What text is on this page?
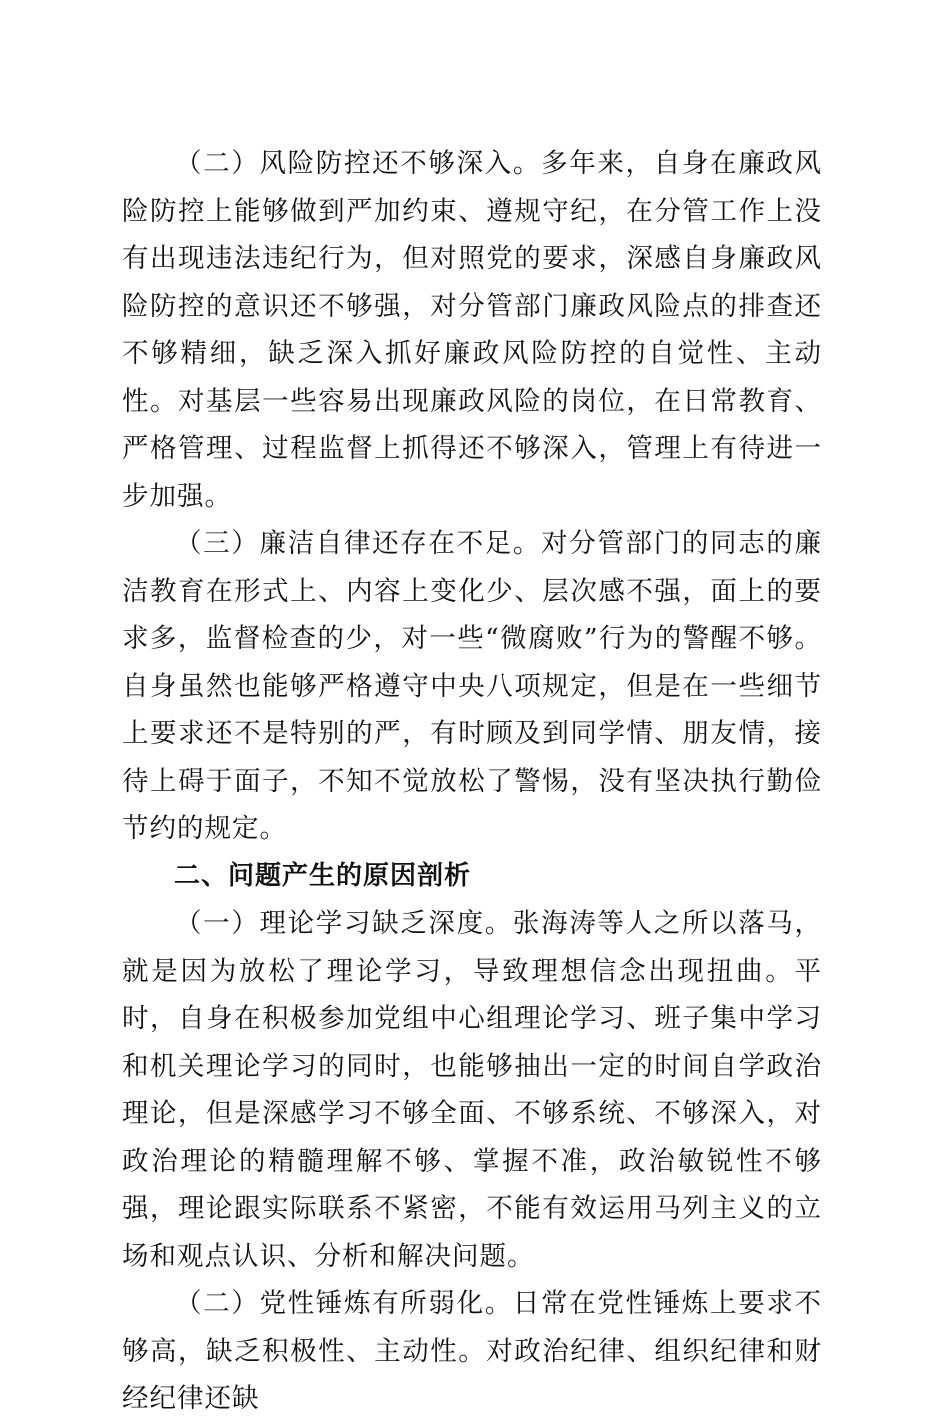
（二）风险防控还不够深入。多年来，自身在廉政风险防控上能够做到严加约束、遵规守纪，在分管工作上没有出现违法违纪行为，但对照党的要求，深感自身廉政风险防控的意识还不够强，对分管部门廉政风险点的排查还不够精细，缺乏深入抓好廉政风险防控的自觉性、主动性。对基层一些容易出现廉政风险的岗位，在日常教育、严格管理、过程监督上抓得还不够深入，管理上有待进一步加强。

（三）廉洁自律还存在不足。对分管部门的同志的廉洁教育在形式上、内容上变化少、层次感不强，面上的要求多，监督检查的少，对一些“微腐败”行为的警醒不够。自身虽然也能够严格遵守中央八项规定，但是在一些细节上要求还不是特别的严，有时顾及到同学情、朋友情，接待上碍于面子，不知不觉放松了警惕，没有坚决执行勤俭节约的规定。

二、问题产生的原因剖析

（一）理论学习缺乏深度。张海涛等人之所以落马，就是因为放松了理论学习，导致理想信念出现扭曲。平时，自身在积极参加党组中心组理论学习、班子集中学习和机关理论学习的同时，也能够抽出一定的时间自学政治理论，但是深感学习不够全面、不够系统、不够深入，对政治理论的精髓理解不够、掌握不准，政治敏锐性不够强，理论跟实际联系不紧密，不能有效运用马列主义的立场和观点认识、分析和解决问题。

（二）党性锤炼有所弱化。日常在党性锤炼上要求不够高，缺乏积极性、主动性。对政治纪律、组织纪律和财经纪律还缺
